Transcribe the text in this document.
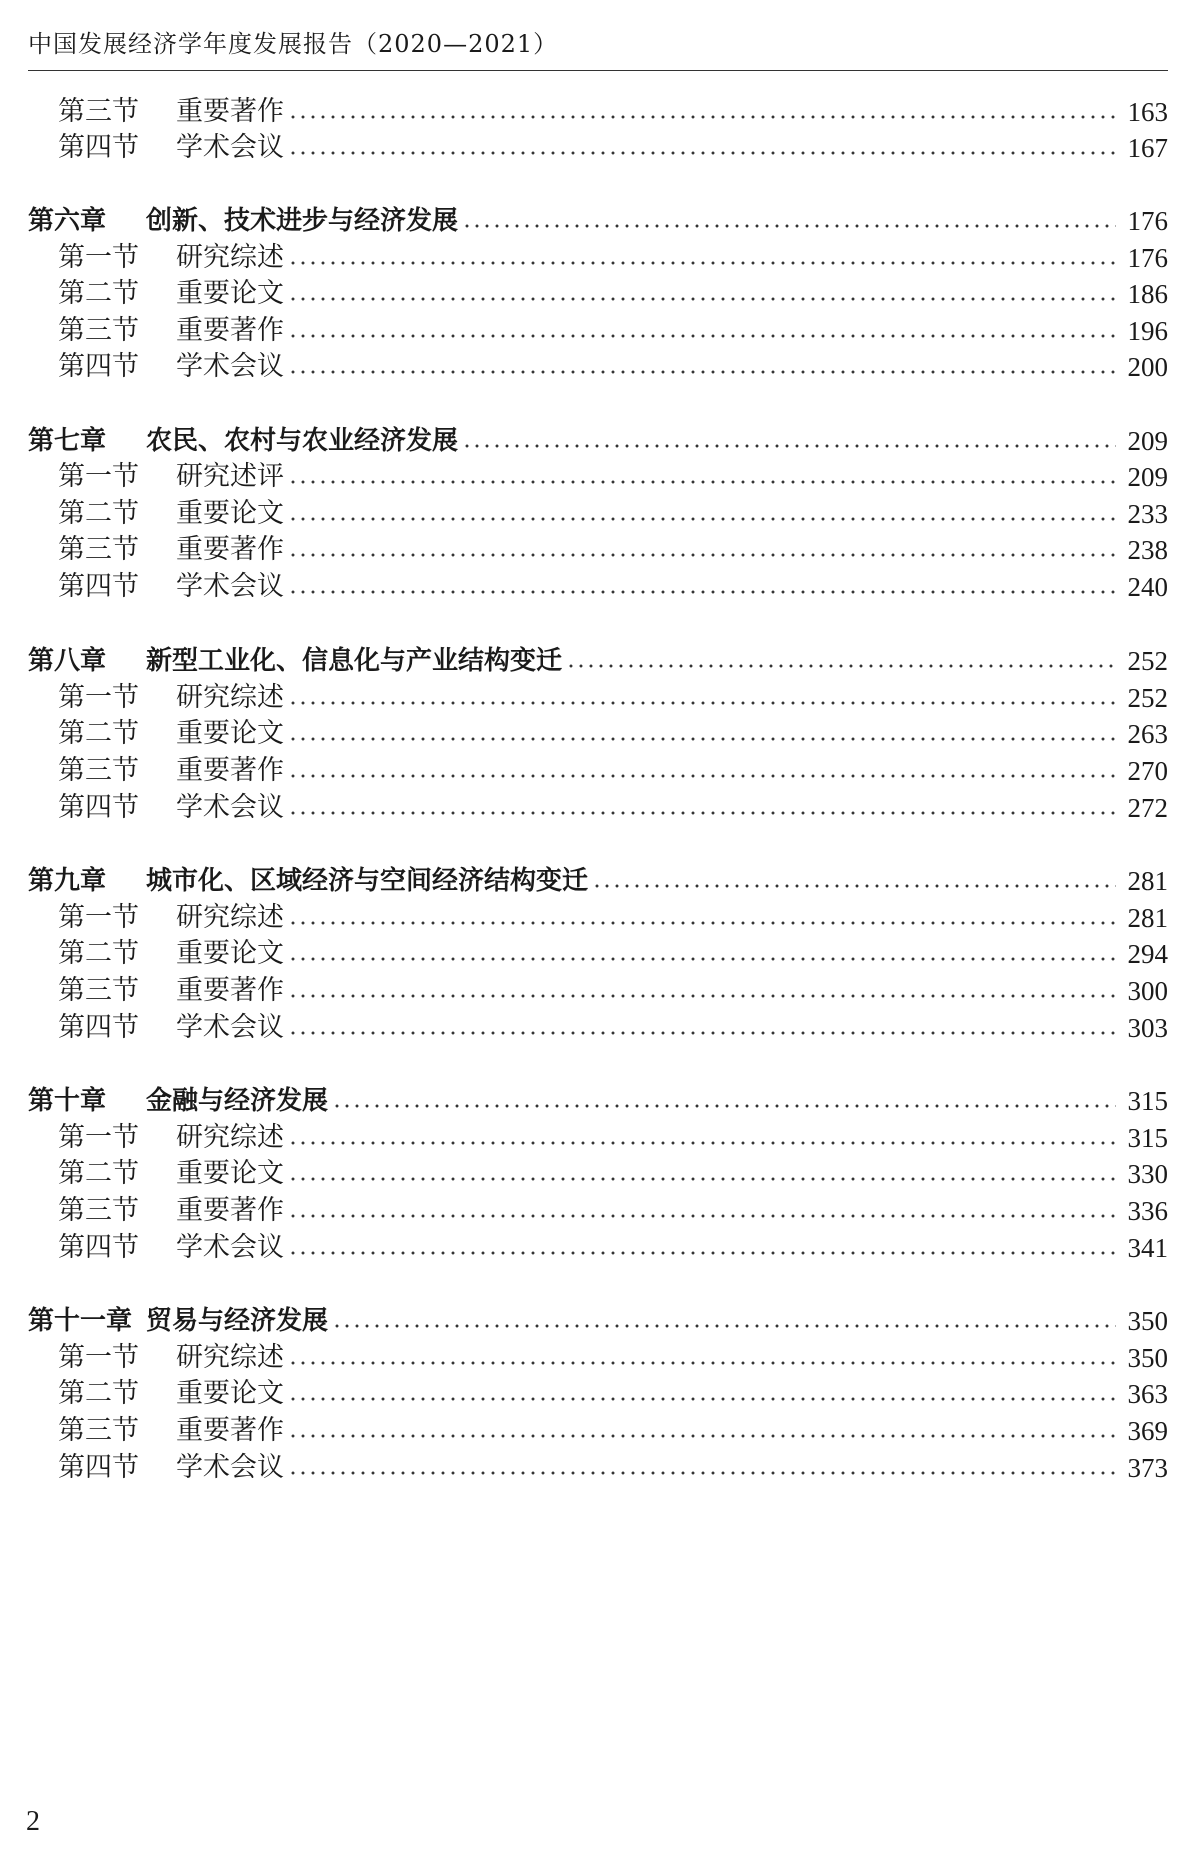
中国发展经济学年度发展报告（2020—2021）
第三节	重要著作	163
第四节	学术会议	167
第六章	创新、技术进步与经济发展	176
第一节	研究综述	176
第二节	重要论文	186
第三节	重要著作	196
第四节	学术会议	200
第七章	农民、农村与农业经济发展	209
第一节	研究述评	209
第二节	重要论文	233
第三节	重要著作	238
第四节	学术会议	240
第八章	新型工业化、信息化与产业结构变迁	252
第一节	研究综述	252
第二节	重要论文	263
第三节	重要著作	270
第四节	学术会议	272
第九章	城市化、区域经济与空间经济结构变迁	281
第一节	研究综述	281
第二节	重要论文	294
第三节	重要著作	300
第四节	学术会议	303
第十章	金融与经济发展	315
第一节	研究综述	315
第二节	重要论文	330
第三节	重要著作	336
第四节	学术会议	341
第十一章 贸易与经济发展	350
第一节	研究综述	350
第二节	重要论文	363
第三节	重要著作	369
第四节	学术会议	373
2
